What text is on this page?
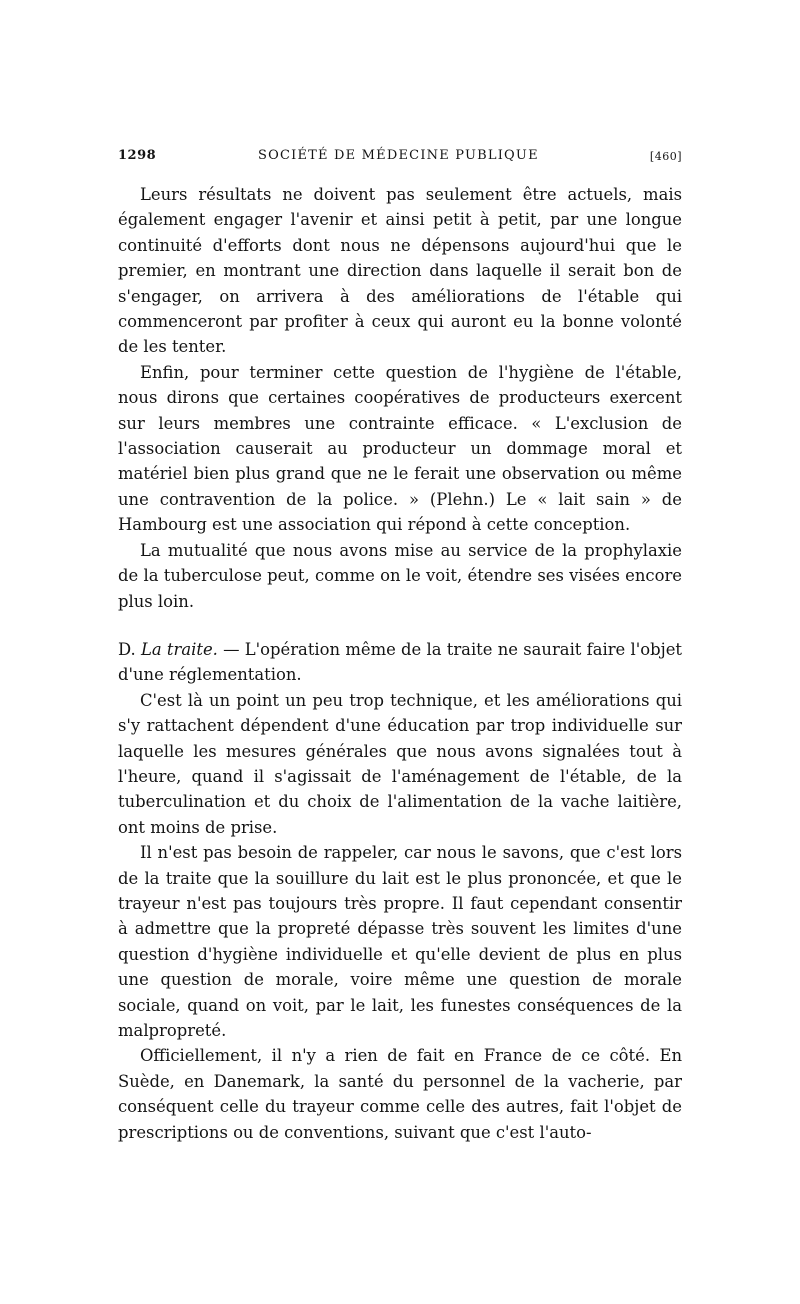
1298	SOCIÉTÉ DE MÉDECINE PUBLIQUE	[460]

Leurs résultats ne doivent pas seulement être actuels, mais également engager l'avenir et ainsi petit à petit, par une longue continuité d'efforts dont nous ne dépensons aujourd'hui que le premier, en montrant une direction dans laquelle il serait bon de s'engager, on arrivera à des améliorations de l'étable qui commenceront par profiter à ceux qui auront eu la bonne volonté de les tenter.

Enfin, pour terminer cette question de l'hygiène de l'étable, nous dirons que certaines coopératives de producteurs exercent sur leurs membres une contrainte efficace. « L'exclusion de l'association causerait au producteur un dommage moral et matériel bien plus grand que ne le ferait une observation ou même une contravention de la police. » (Plehn.) Le « lait sain » de Hambourg est une association qui répond à cette conception.

La mutualité que nous avons mise au service de la prophylaxie de la tuberculose peut, comme on le voit, étendre ses visées encore plus loin.

D. La traite. — L'opération même de la traite ne saurait faire l'objet d'une réglementation.

C'est là un point un peu trop technique, et les améliorations qui s'y rattachent dépendent d'une éducation par trop individuelle sur laquelle les mesures générales que nous avons signalées tout à l'heure, quand il s'agissait de l'aménagement de l'étable, de la tuberculination et du choix de l'alimentation de la vache laitière, ont moins de prise.

Il n'est pas besoin de rappeler, car nous le savons, que c'est lors de la traite que la souillure du lait est le plus prononcée, et que le trayeur n'est pas toujours très propre. Il faut cependant consentir à admettre que la propreté dépasse très souvent les limites d'une question d'hygiène individuelle et qu'elle devient de plus en plus une question de morale, voire même une question de morale sociale, quand on voit, par le lait, les funestes conséquences de la malpropreté.

Officiellement, il n'y a rien de fait en France de ce côté. En Suède, en Danemark, la santé du personnel de la vacherie, par conséquent celle du trayeur comme celle des autres, fait l'objet de prescriptions ou de conventions, suivant que c'est l'auto-
